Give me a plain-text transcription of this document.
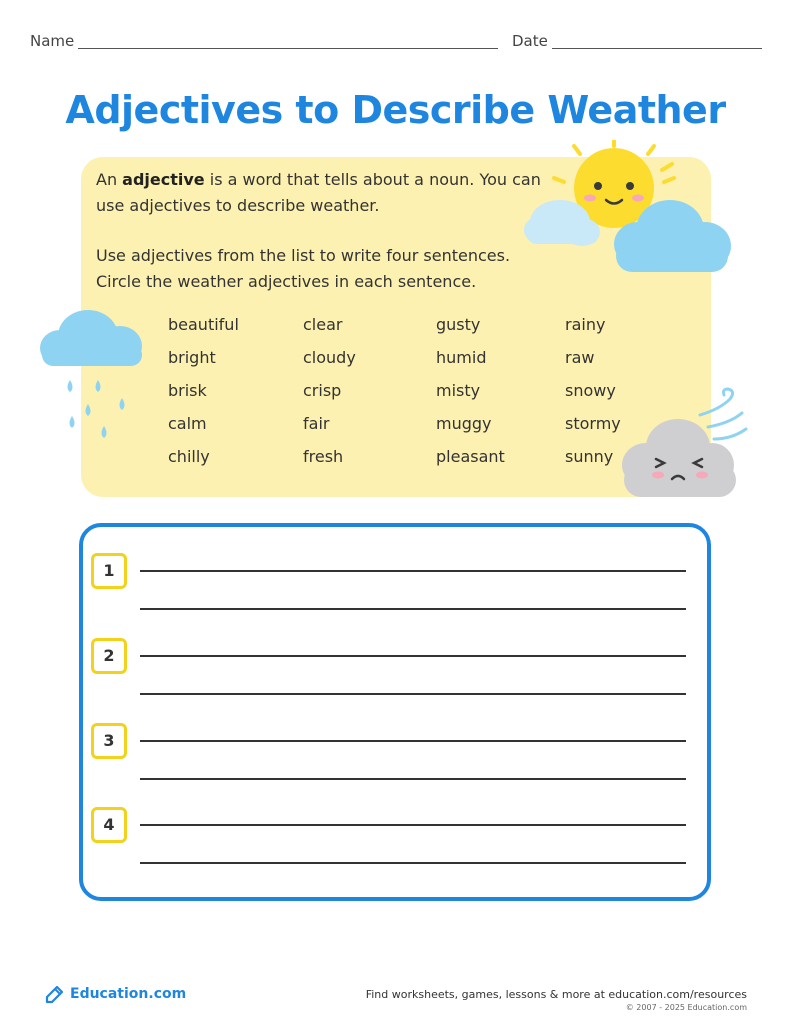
Name	Date
Adjectives to Describe Weather
An adjective is a word that tells about a noun. You can use adjectives to describe weather.
Use adjectives from the list to write four sentences. Circle the weather adjectives in each sentence.
beautiful
bright
brisk
calm
chilly
clear
cloudy
crisp
fair
fresh
gusty
humid
misty
muggy
pleasant
rainy
raw
snowy
stormy
sunny
1
2
3
4
Education.com	Find worksheets, games, lessons & more at education.com/resources
© 2007 - 2025 Education.com
